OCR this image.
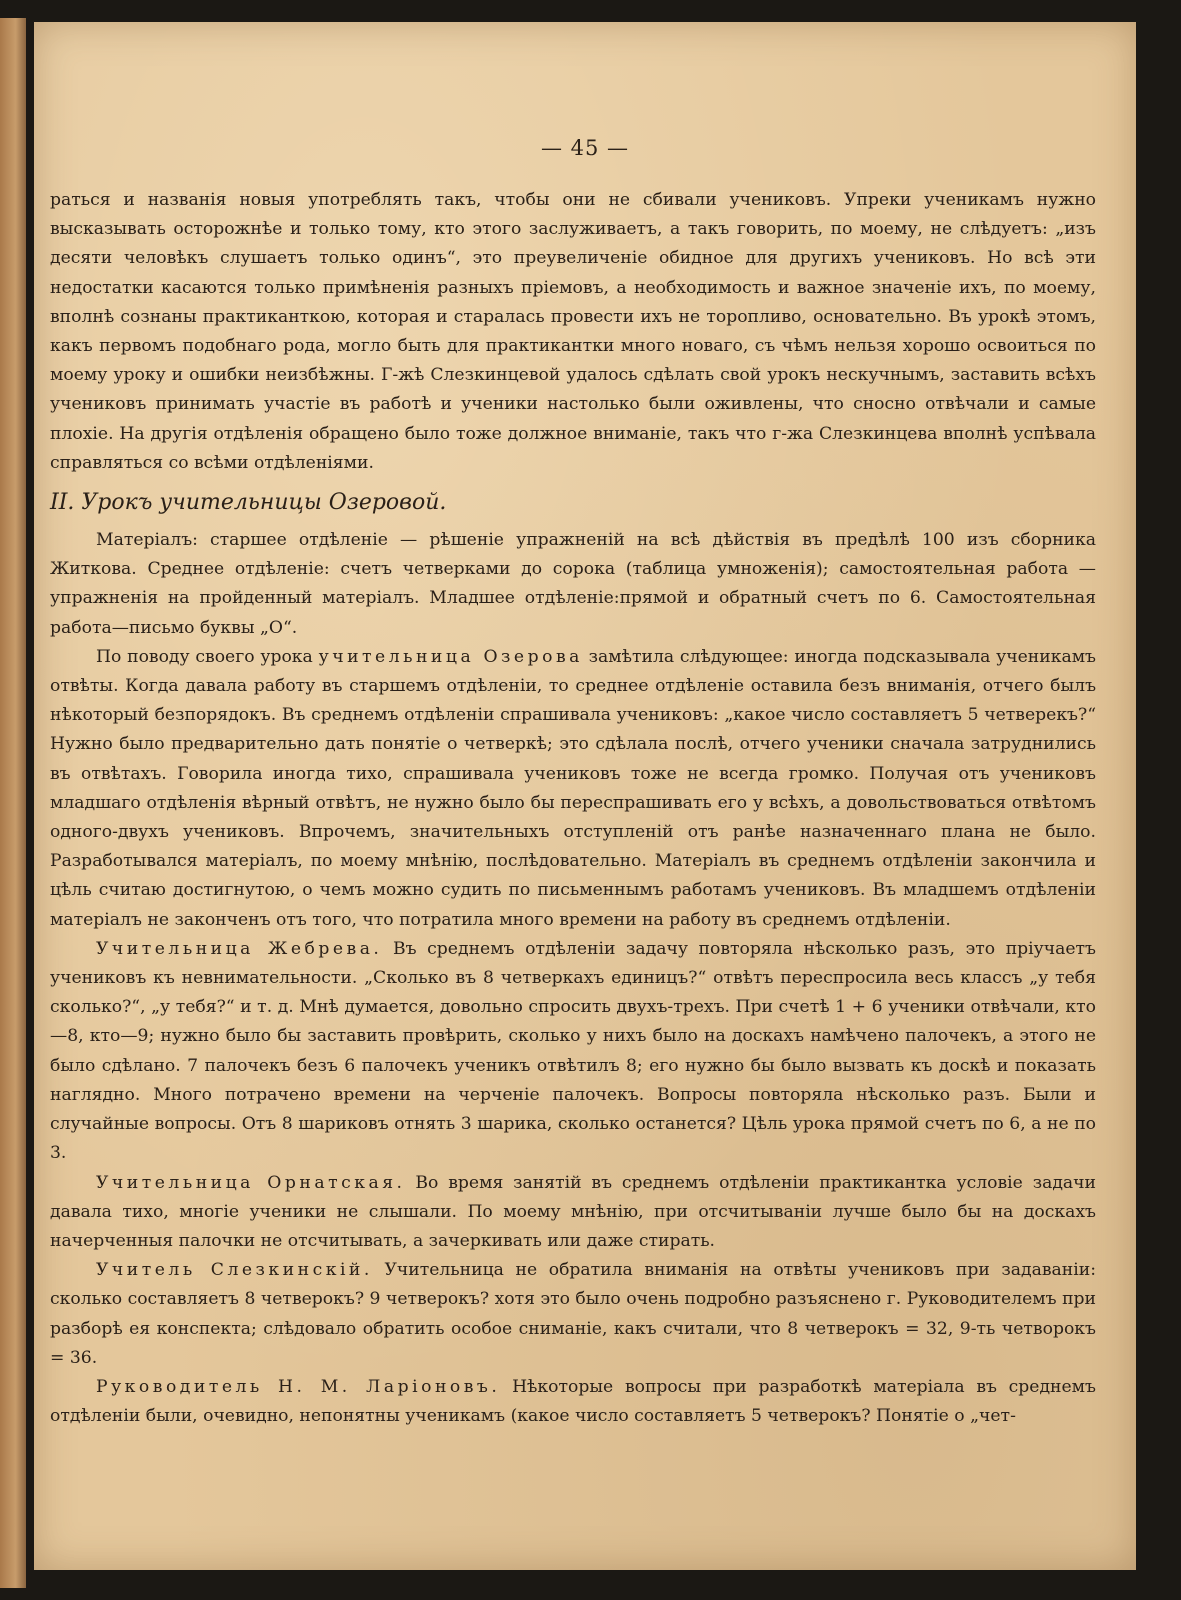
— 45 —

раться и названія новыя употреблять такъ, чтобы они не сбивали учениковъ. Упреки ученикамъ нужно высказывать осторожнѣе и только тому, кто этого заслуживаетъ, а такъ говорить, по моему, не слѣдуетъ: „изъ десяти человѣкъ слушаетъ только одинъ“, это преувеличеніе обидное для другихъ учениковъ. Но всѣ эти недостатки касаются только примѣненія разныхъ пріемовъ, а необходимость и важное значеніе ихъ, по моему, вполнѣ сознаны практиканткою, которая и старалась провести ихъ не торопливо, основательно. Въ урокѣ этомъ, какъ первомъ подобнаго рода, могло быть для практикантки много новаго, съ чѣмъ нельзя хорошо освоиться по моему уроку и ошибки неизбѣжны. Г-жѣ Слезкинцевой удалось сдѣлать свой урокъ нескучнымъ, заставить всѣхъ учениковъ принимать участіе въ работѣ и ученики настолько были оживлены, что сносно отвѣчали и самые плохіе. На другія отдѣленія обращено было тоже должное вниманіе, такъ что г-жа Слезкинцева вполнѣ успѣвала справляться со всѣми отдѣленіями.

II. Урокъ учительницы Озеровой.

Матеріалъ: старшее отдѣленіе — рѣшеніе упражненій на всѣ дѣйствія въ предѣлѣ 100 изъ сборника Житкова. Среднее отдѣленіе: счетъ четверками до сорока (таблица умноженія); самостоятельная работа — упражненія на пройденный матеріалъ. Младшее отдѣленіе:прямой и обратный счетъ по 6. Самостоятельная работа—письмо буквы „О“.

По поводу своего урока учительница Озерова замѣтила слѣдующее: иногда подсказывала ученикамъ отвѣты. Когда давала работу въ старшемъ отдѣленіи, то среднее отдѣленіе оставила безъ вниманія, отчего былъ нѣкоторый безпорядокъ. Въ среднемъ отдѣленіи спрашивала учениковъ: „какое число составляетъ 5 четверекъ?“ Нужно было предварительно дать понятіе о четверкѣ; это сдѣлала послѣ, отчего ученики сначала затруднились въ отвѣтахъ. Говорила иногда тихо, спрашивала учениковъ тоже не всегда громко. Получая отъ учениковъ младшаго отдѣленія вѣрный отвѣтъ, не нужно было бы переспрашивать его у всѣхъ, а довольствоваться отвѣтомъ одного-двухъ учениковъ. Впрочемъ, значительныхъ отступленій отъ ранѣе назначеннаго плана не было. Разработывался матеріалъ, по моему мнѣнію, послѣдовательно. Матеріалъ въ среднемъ отдѣленіи закончила и цѣль считаю достигнутою, о чемъ можно судить по письменнымъ работамъ учениковъ. Въ младшемъ отдѣленіи матеріалъ не законченъ отъ того, что потратила много времени на работу въ среднемъ отдѣленіи.

Учительница Жебрева. Въ среднемъ отдѣленіи задачу повторяла нѣсколько разъ, это пріучаетъ учениковъ къ невнимательности. „Сколько въ 8 четверкахъ единицъ?“ отвѣтъ переспросила весь классъ „у тебя сколько?“, „у тебя?“ и т. д. Мнѣ думается, довольно спросить двухъ-трехъ. При счетѣ 1 + 6 ученики отвѣчали, кто—8, кто—9; нужно было бы заставить провѣрить, сколько у нихъ было на доскахъ намѣчено палочекъ, а этого не было сдѣлано. 7 палочекъ безъ 6 палочекъ ученикъ отвѣтилъ 8; его нужно бы было вызвать къ доскѣ и показать наглядно. Много потрачено времени на черченіе палочекъ. Вопросы повторяла нѣсколько разъ. Были и случайные вопросы. Отъ 8 шариковъ отнять 3 шарика, сколько останется? Цѣль урока прямой счетъ по 6, а не по 3.

Учительница Орнатская. Во время занятій въ среднемъ отдѣленіи практикантка условіе задачи давала тихо, многіе ученики не слышали. По моему мнѣнію, при отсчитываніи лучше было бы на доскахъ начерченныя палочки не отсчитывать, а зачеркивать или даже стирать.

Учитель Слезкинскій. Учительница не обратила вниманія на отвѣты учениковъ при задаваніи: сколько составляетъ 8 четверокъ? 9 четверокъ? хотя это было очень подробно разъяснено г. Руководителемъ при разборѣ ея конспекта; слѣдовало обратить особое сниманіе, какъ считали, что 8 четверокъ = 32, 9-ть четворокъ = 36.

Руководитель Н. М. Ларіоновъ. Нѣкоторые вопросы при разработкѣ матеріала въ среднемъ отдѣленіи были, очевидно, непонятны ученикамъ (какое число составляетъ 5 четверокъ? Понятіе о „чет-
